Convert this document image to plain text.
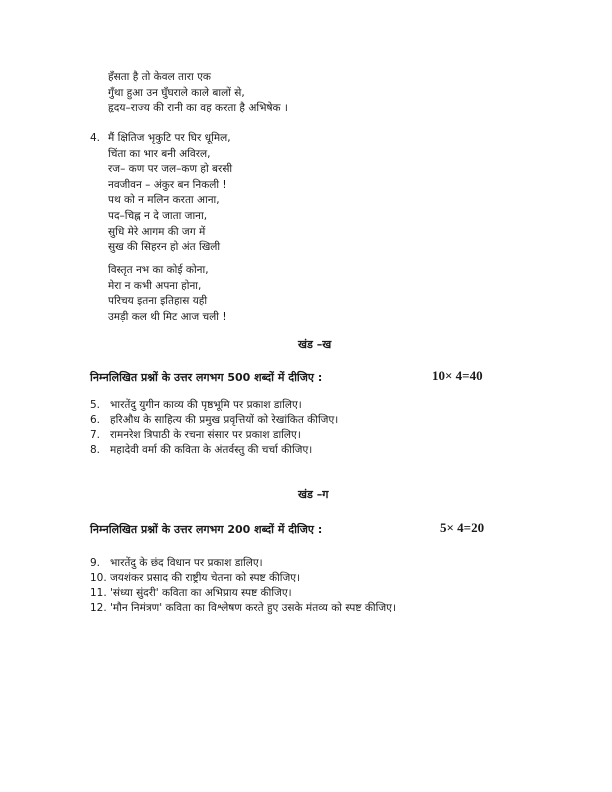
हँसता है तो केवल तारा एक
गुँथा हुआ उन घुँघराले काले बालों से,
हृदय–राज्य की रानी का वह करता है अभिषेक ।
4. मैं क्षितिज भृकुटि पर घिर धूमिल,
चिंता का भार बनी अविरल,
रज– कण पर जल–कण हो बरसी
नवजीवन – अंकुर बन निकली !
पथ को न मलिन करता आना,
पद–चिह्न न दे जाता जाना,
सुधि मेरे आगम की जग में
सुख की सिहरन हो अंत खिली
विस्तृत नभ का कोई कोना,
मेरा न कभी अपना होना,
परिचय इतना इतिहास यही
उमड़ी कल थी मिट आज चली !
खंड –ख
निम्नलिखित प्रश्नों के उत्तर लगभग 500 शब्दों में दीजिए :	10× 4=40
5. भारतेंदु युगीन काव्य की पृष्ठभूमि पर प्रकाश डालिए।
6. हरिऔध के साहित्य की प्रमुख प्रवृत्तियों को रेखांकित कीजिए।
7. रामनरेश त्रिपाठी के रचना संसार पर प्रकाश डालिए।
8. महादेवी वर्मा की कविता के अंतर्वस्तु की चर्चा कीजिए।
खंड –ग
निम्नलिखित प्रश्नों के उत्तर लगभग 200 शब्दों में दीजिए :	5× 4=20
9. भारतेंदु के छंद विधान पर प्रकाश डालिए।
10. जयशंकर प्रसाद की राष्ट्रीय चेतना को स्पष्ट कीजिए।
11. 'संध्या सुंदरी' कविता का अभिप्राय स्पष्ट कीजिए।
12. 'मौन निमंत्रण' कविता का विश्लेषण करते हुए उसके मंतव्य को स्पष्ट कीजिए।
